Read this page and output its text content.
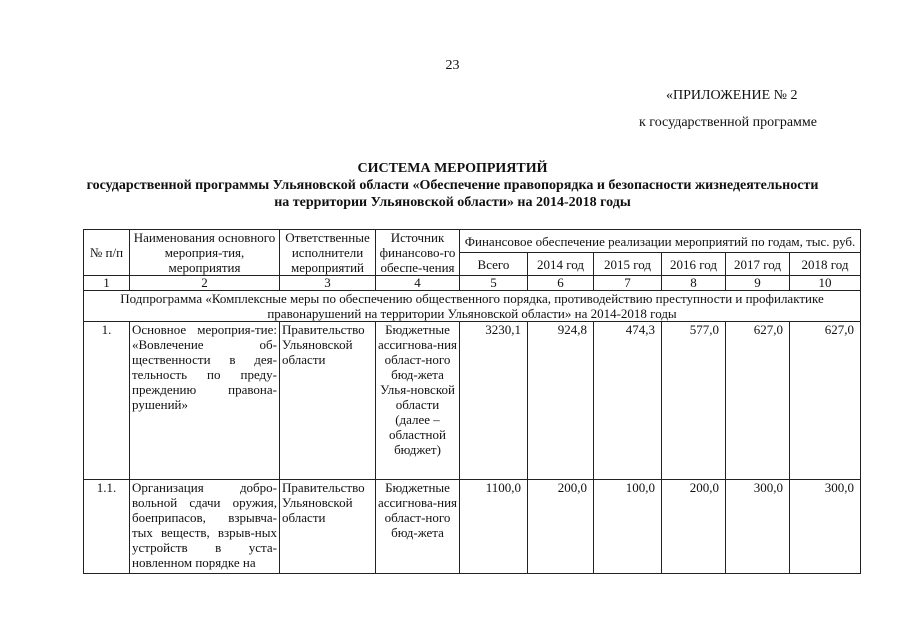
23
«ПРИЛОЖЕНИЕ № 2
к государственной программе
СИСТЕМА МЕРОПРИЯТИЙ
государственной программы Ульяновской области «Обеспечение правопорядка и безопасности жизнедеятельности
на территории Ульяновской области» на 2014-2018 годы
№ п/п	Наименования основного мероприя-тия, мероприятия	Ответственные исполнители мероприятий	Источник финансово-го обеспе-чения	Финансовое обеспечение реализации мероприятий по годам, тыс. руб.					
				Всего	2014 год	2015 год	2016 год	2017 год	2018 год
1	2	3	4	5	6	7	8	9	10
Подпрограмма «Комплексные меры по обеспечению общественного порядка, противодействию преступности и профилактике правонарушений на территории Ульяновской области» на 2014-2018 годы									
1.	Основное мероприя-тие: «Вовлечение об-щественности в дея-тельность по преду-преждению правона-рушений»	Правительство Ульяновской области	Бюджетные ассигнова-ния област-ного бюд-жета Улья-новской области (далее – областной бюджет)	3230,1	924,8	474,3	577,0	627,0	627,0
1.1.	Организация добро-вольной сдачи оружия, боеприпасов, взрывча-тых веществ, взрыв-ных устройств в уста-новленном порядке на	Правительство Ульяновской области	Бюджетные ассигнова-ния област-ного бюд-жета	1100,0	200,0	100,0	200,0	300,0	300,0
